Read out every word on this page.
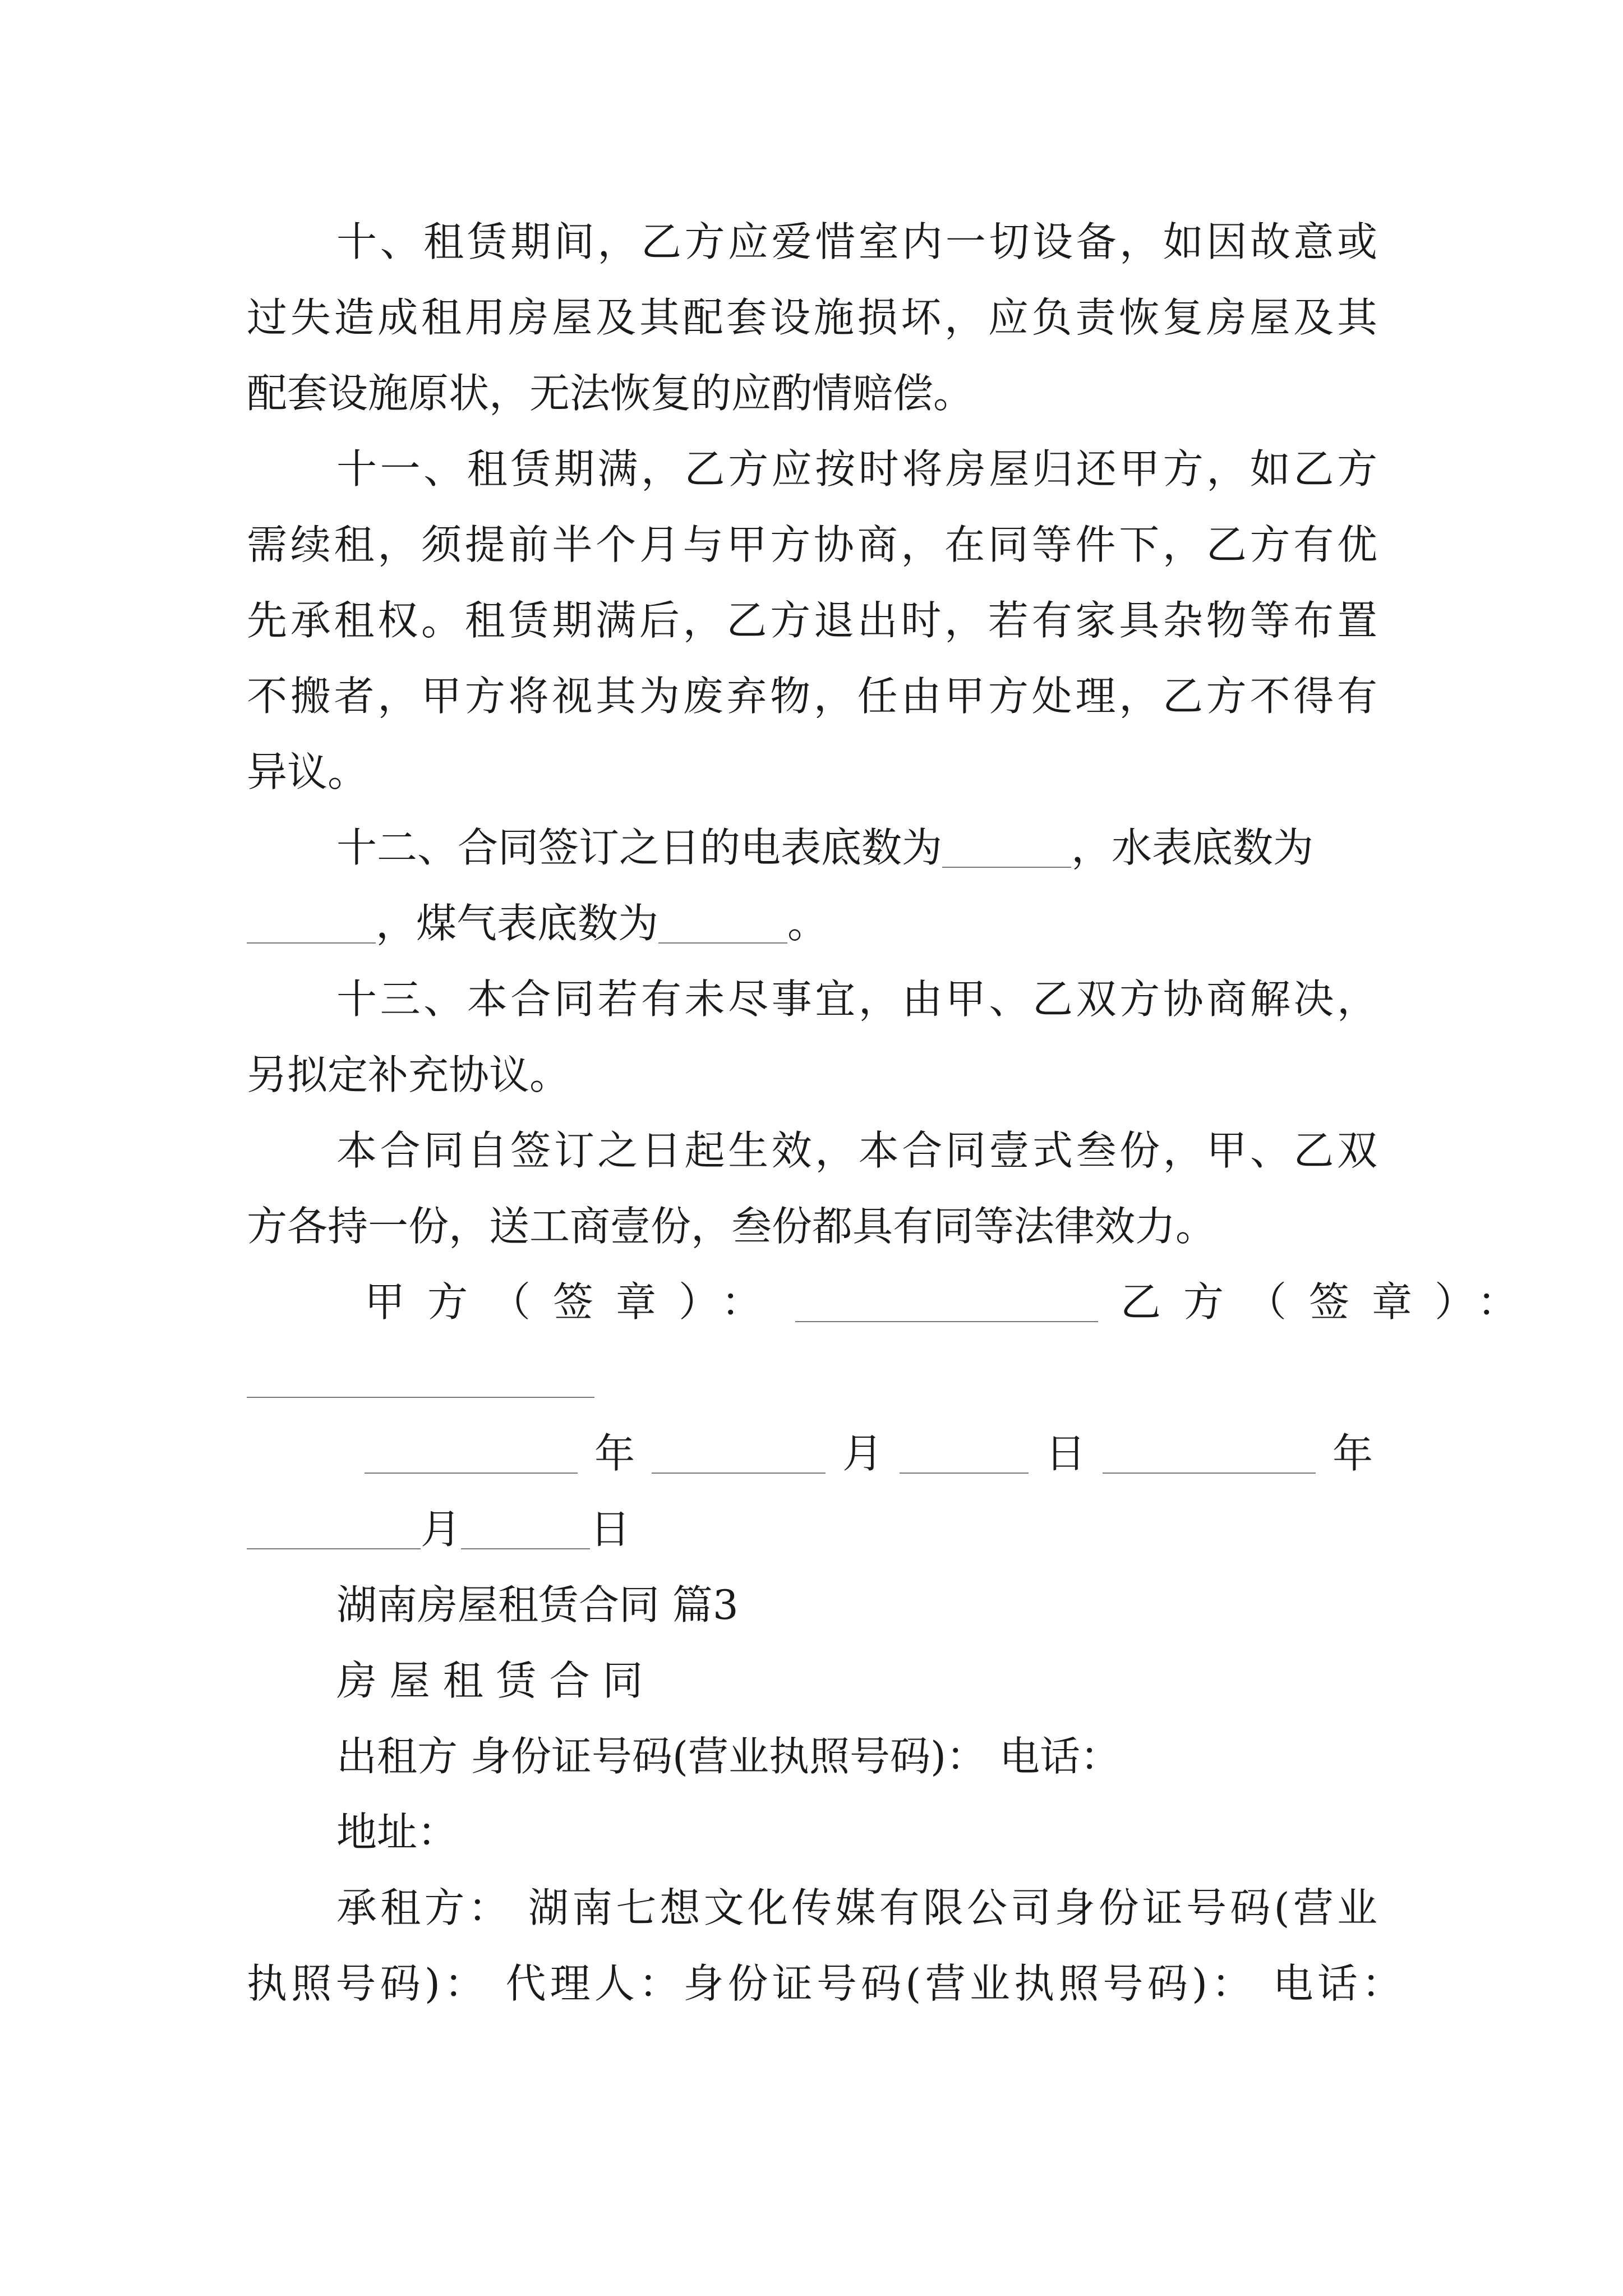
十、租赁期间，乙方应爱惜室内一切设备，如因故意或
过失造成租用房屋及其配套设施损坏，应负责恢复房屋及其
配套设施原状，无法恢复的应酌情赔偿。
十一、租赁期满，乙方应按时将房屋归还甲方，如乙方
需续租，须提前半个月与甲方协商，在同等件下，乙方有优
先承租权。租赁期满后，乙方退出时，若有家具杂物等布置
不搬者，甲方将视其为废弃物，任由甲方处理，乙方不得有
异议。
十二、合同签订之日的电表底数为	，水表底数为
，煤气表底数为	。
十三、本合同若有未尽事宜，由甲、乙双方协商解决，
另拟定补充协议。
本合同自签订之日起生效，本合同壹式叁份，甲、乙双
方各持一份，送工商壹份，叁份都具有同等法律效力。
甲方（签章）：	乙方（签章）：
年	月	日	年
月	日
湖南房屋租赁合同 篇3
房 屋 租 赁 合 同
出租方 身份证号码(营业执照号码)： 电话：
地址：
承租方： 湖南七想文化传媒有限公司身份证号码(营业
执照号码)： 代理人：身份证号码(营业执照号码)： 电话：
